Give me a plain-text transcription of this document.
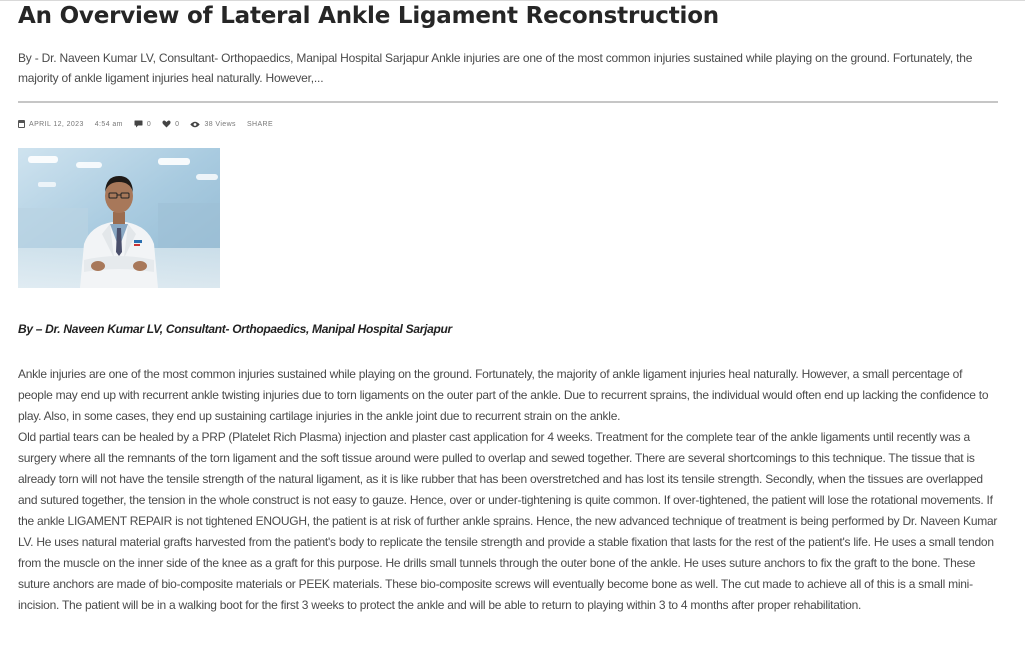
An Overview of Lateral Ankle Ligament Reconstruction
By - Dr. Naveen Kumar LV, Consultant- Orthopaedics, Manipal Hospital Sarjapur Ankle injuries are one of the most common injuries sustained while playing on the ground. Fortunately, the majority of ankle ligament injuries heal naturally. However,...
APRIL 12, 2023 4:54 am	0	0	38 Views SHARE
By – Dr. Naveen Kumar LV, Consultant- Orthopaedics, Manipal Hospital Sarjapur

Ankle injuries are one of the most common injuries sustained while playing on the ground. Fortunately, the majority of ankle ligament injuries heal naturally. However, a small percentage of people may end up with recurrent ankle twisting injuries due to torn ligaments on the outer part of the ankle. Due to recurrent sprains, the individual would often end up lacking the confidence to play. Also, in some cases, they end up sustaining cartilage injuries in the ankle joint due to recurrent strain on the ankle.

Old partial tears can be healed by a PRP (Platelet Rich Plasma) injection and plaster cast application for 4 weeks. Treatment for the complete tear of the ankle ligaments until recently was a surgery where all the remnants of the torn ligament and the soft tissue around were pulled to overlap and sewed together. There are several shortcomings to this technique. The tissue that is already torn will not have the tensile strength of the natural ligament, as it is like rubber that has been overstretched and has lost its tensile strength. Secondly, when the tissues are overlapped and sutured together, the tension in the whole construct is not easy to gauze. Hence, over or under-tightening is quite common. If over-tightened, the patient will lose the rotational movements. If the ankle LIGAMENT REPAIR is not tightened ENOUGH, the patient is at risk of further ankle sprains. Hence, the new advanced technique of treatment is being performed by Dr. Naveen Kumar LV. He uses natural material grafts harvested from the patient's body to replicate the tensile strength and provide a stable fixation that lasts for the rest of the patient's life. He uses a small tendon from the muscle on the inner side of the knee as a graft for this purpose. He drills small tunnels through the outer bone of the ankle. He uses suture anchors to fix the graft to the bone. These suture anchors are made of bio-composite materials or PEEK materials. These bio-composite screws will eventually become bone as well. The cut made to achieve all of this is a small mini-incision. The patient will be in a walking boot for the first 3 weeks to protect the ankle and will be able to return to playing within 3 to 4 months after proper rehabilitation.
